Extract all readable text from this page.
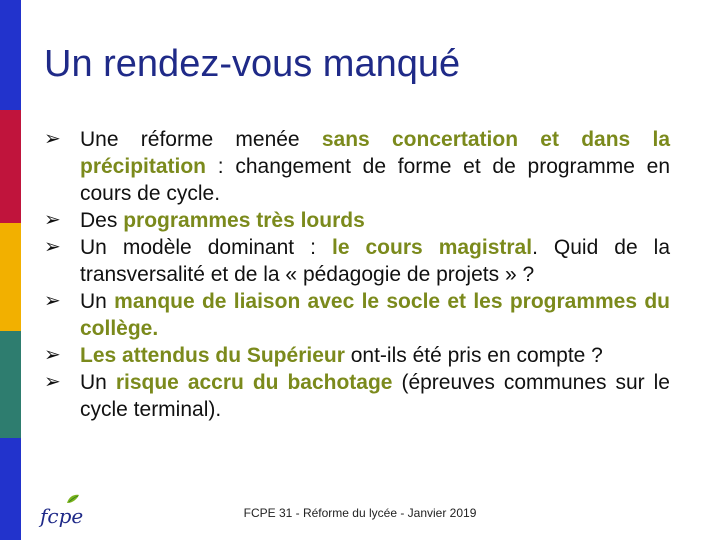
Un rendez-vous manqué
➢ Une réforme menée sans concertation et dans la précipitation : changement de forme et de programme en cours de cycle.
➢ Des programmes très lourds
➢ Un modèle dominant : le cours magistral. Quid de la transversalité et de la « pédagogie de projets » ?
➢ Un manque de liaison avec le socle et les programmes du collège.
➢ Les attendus du Supérieur ont-ils été pris en compte ?
➢ Un risque accru du bachotage (épreuves communes sur le cycle terminal).
fcpe	FCPE 31 - Réforme du lycée - Janvier 2019
